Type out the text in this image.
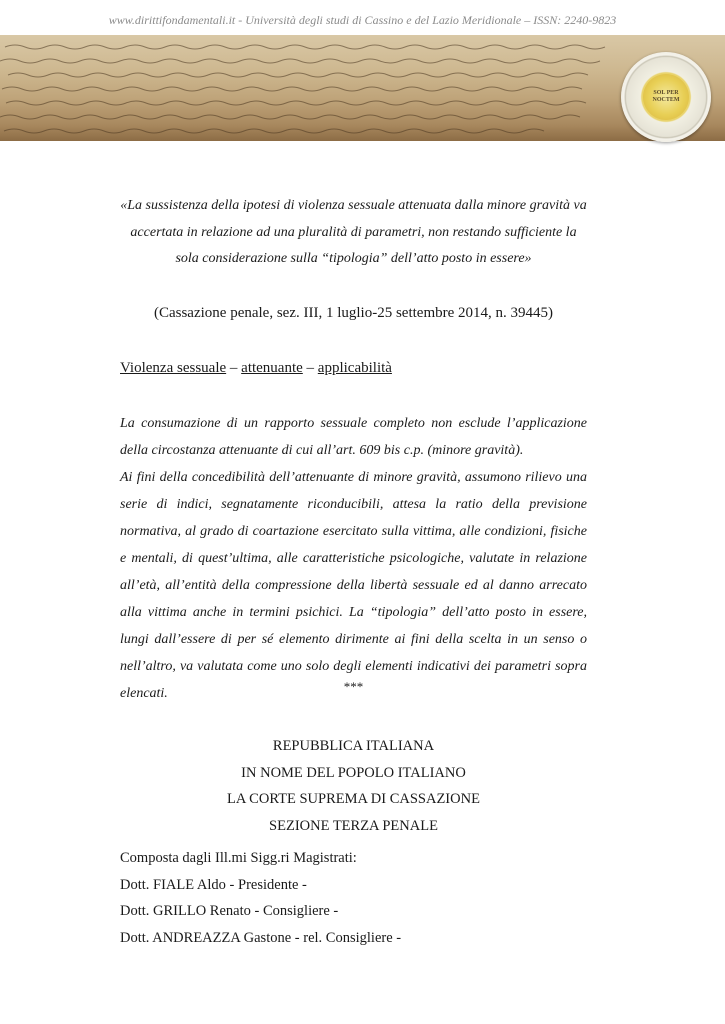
www.dirittifondamentali.it - Università degli studi di Cassino e del Lazio Meridionale – ISSN: 2240-9823
SOL PER
NOCTEM
«La sussistenza della ipotesi di violenza sessuale attenuata dalla minore gravità va accertata in relazione ad una pluralità di parametri, non restando sufficiente la sola considerazione sulla “tipologia” dell’atto posto in essere»
(Cassazione penale, sez. III, 1 luglio-25 settembre 2014, n. 39445)
Violenza sessuale – attenuante – applicabilità

La consumazione di un rapporto sessuale completo non esclude l’applicazione della circostanza attenuante di cui all’art. 609 bis c.p. (minore gravità).

Ai fini della concedibilità dell’attenuante di minore gravità, assumono rilievo una serie di indici, segnatamente riconducibili, attesa la ratio della previsione normativa, al grado di coartazione esercitato sulla vittima, alle condizioni, fisiche e mentali, di quest’ultima, alle caratteristiche psicologiche, valutate in relazione all’età, all’entità della compressione della libertà sessuale ed al danno arrecato alla vittima anche in termini psichici. La “tipologia” dell’atto posto in essere, lungi dall’essere di per sé elemento dirimente ai fini della scelta in un senso o nell’altro, va valutata come uno solo degli elementi indicativi dei parametri sopra elencati.	***
REPUBBLICA ITALIANA
IN NOME DEL POPOLO ITALIANO
LA CORTE SUPREMA DI CASSAZIONE
SEZIONE TERZA PENALE
Composta dagli Ill.mi Sigg.ri Magistrati:
Dott. FIALE Aldo - Presidente -
Dott. GRILLO Renato - Consigliere -
Dott. ANDREAZZA Gastone - rel. Consigliere -
